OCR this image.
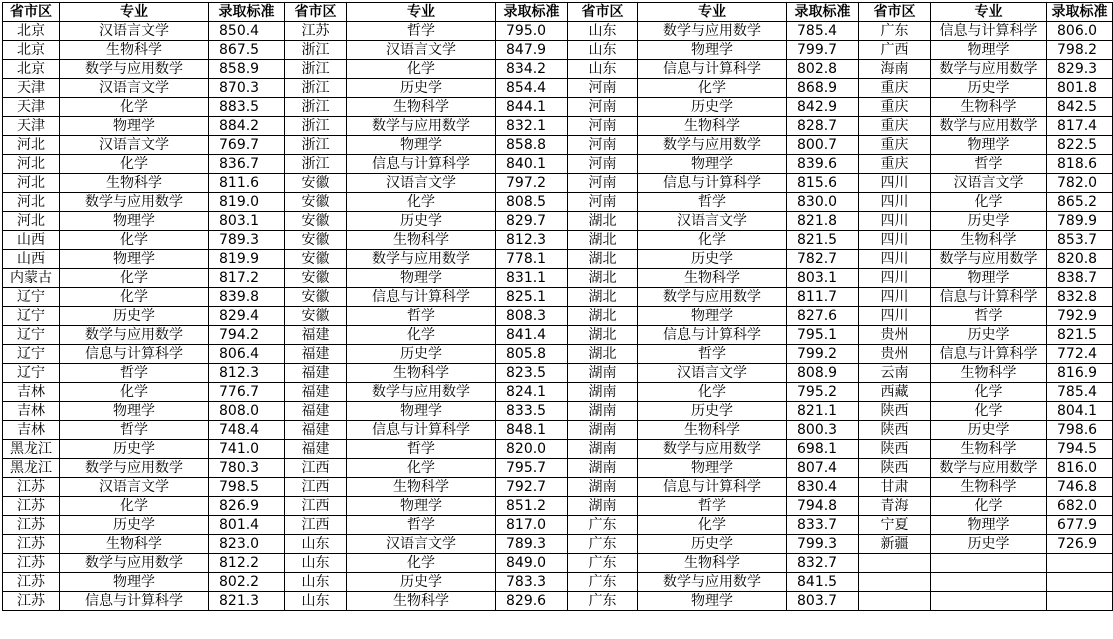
省市区	专业	录取标准	省市区	专业	录取标准	省市区	专业	录取标准	省市区	专业	录取标准
北京	汉语言文学	850.4	江苏	哲学	795.0	山东	数学与应用数学	785.4	广东	信息与计算科学	806.0
北京	生物科学	867.5	浙江	汉语言文学	847.9	山东	物理学	799.7	广西	物理学	798.2
北京	数学与应用数学	858.9	浙江	化学	834.2	山东	信息与计算科学	802.8	海南	数学与应用数学	829.3
天津	汉语言文学	870.3	浙江	历史学	854.4	河南	化学	868.9	重庆	历史学	801.8
天津	化学	883.5	浙江	生物科学	844.1	河南	历史学	842.9	重庆	生物科学	842.5
天津	物理学	884.2	浙江	数学与应用数学	832.1	河南	生物科学	828.7	重庆	数学与应用数学	817.4
河北	汉语言文学	769.7	浙江	物理学	858.8	河南	数学与应用数学	800.7	重庆	物理学	822.5
河北	化学	836.7	浙江	信息与计算科学	840.1	河南	物理学	839.6	重庆	哲学	818.6
河北	生物科学	811.6	安徽	汉语言文学	797.2	河南	信息与计算科学	815.6	四川	汉语言文学	782.0
河北	数学与应用数学	819.0	安徽	化学	808.5	河南	哲学	830.0	四川	化学	865.2
河北	物理学	803.1	安徽	历史学	829.7	湖北	汉语言文学	821.8	四川	历史学	789.9
山西	化学	789.3	安徽	生物科学	812.3	湖北	化学	821.5	四川	生物科学	853.7
山西	物理学	819.9	安徽	数学与应用数学	778.1	湖北	历史学	782.7	四川	数学与应用数学	820.8
内蒙古	化学	817.2	安徽	物理学	831.1	湖北	生物科学	803.1	四川	物理学	838.7
辽宁	化学	839.8	安徽	信息与计算科学	825.1	湖北	数学与应用数学	811.7	四川	信息与计算科学	832.8
辽宁	历史学	829.4	安徽	哲学	808.3	湖北	物理学	827.6	四川	哲学	792.9
辽宁	数学与应用数学	794.2	福建	化学	841.4	湖北	信息与计算科学	795.1	贵州	历史学	821.5
辽宁	信息与计算科学	806.4	福建	历史学	805.8	湖北	哲学	799.2	贵州	信息与计算科学	772.4
辽宁	哲学	812.3	福建	生物科学	823.5	湖南	汉语言文学	808.9	云南	生物科学	816.9
吉林	化学	776.7	福建	数学与应用数学	824.1	湖南	化学	795.2	西藏	化学	785.4
吉林	物理学	808.0	福建	物理学	833.5	湖南	历史学	821.1	陕西	化学	804.1
吉林	哲学	748.4	福建	信息与计算科学	848.1	湖南	生物科学	800.3	陕西	历史学	798.6
黑龙江	历史学	741.0	福建	哲学	820.0	湖南	数学与应用数学	698.1	陕西	生物科学	794.5
黑龙江	数学与应用数学	780.3	江西	化学	795.7	湖南	物理学	807.4	陕西	数学与应用数学	816.0
江苏	汉语言文学	798.5	江西	生物科学	792.7	湖南	信息与计算科学	830.4	甘肃	生物科学	746.8
江苏	化学	826.9	江西	物理学	851.2	湖南	哲学	794.8	青海	化学	682.0
江苏	历史学	801.4	江西	哲学	817.0	广东	化学	833.7	宁夏	物理学	677.9
江苏	生物科学	823.0	山东	汉语言文学	789.3	广东	历史学	799.3	新疆	历史学	726.9
江苏	数学与应用数学	812.2	山东	化学	849.0	广东	生物科学	832.7			
江苏	物理学	802.2	山东	历史学	783.3	广东	数学与应用数学	841.5			
江苏	信息与计算科学	821.3	山东	生物科学	829.6	广东	物理学	803.7			
